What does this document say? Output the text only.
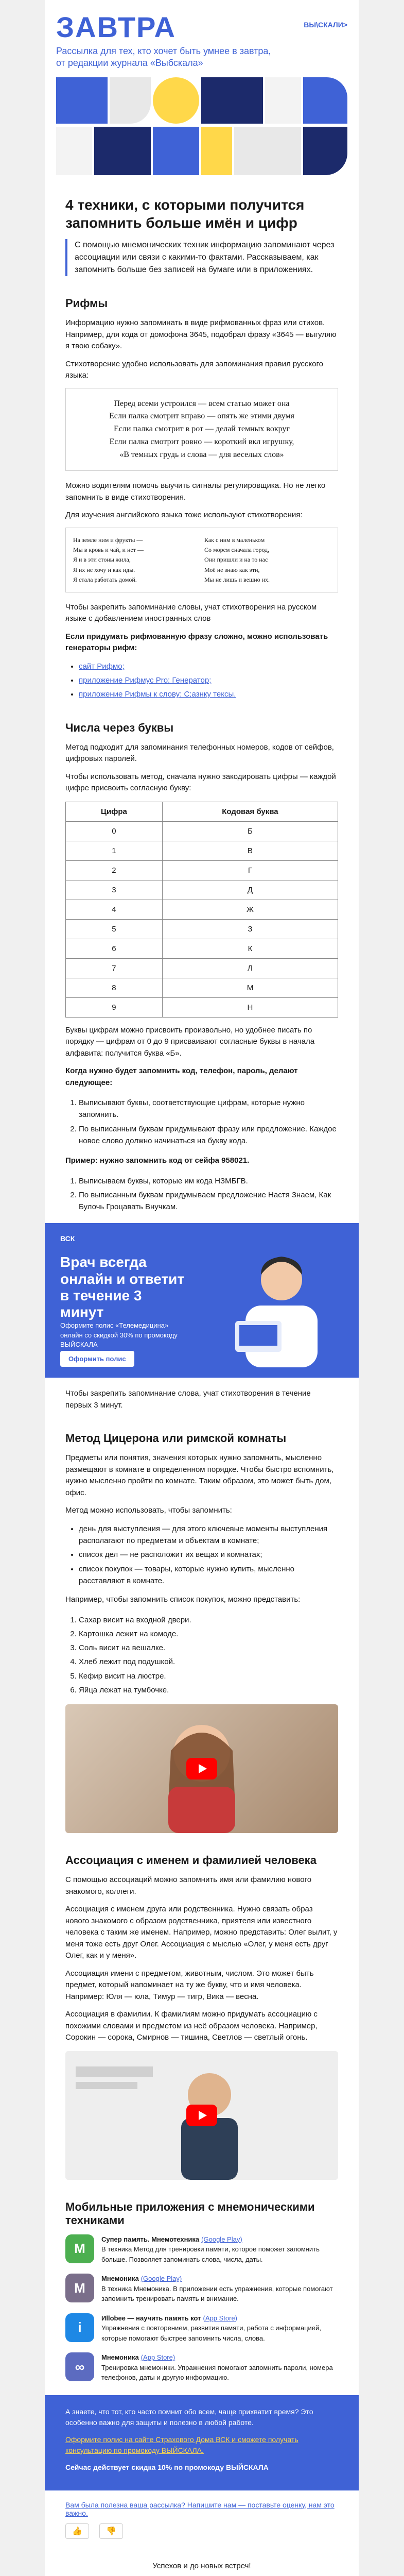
ЗАВТРА	ВЫ\СКАЛИ>
Рассылка для тех, кто хочет быть умнее в завтра, от редакции журнала «Выбскала»
4 техники, с которыми получится запомнить больше имён и цифр

С помощью мнемонических техник информацию запоминают через ассоциации или связи с какими-то фактами. Рассказываем, как запомнить больше без записей на бумаге или в приложениях.

Рифмы

Информацию нужно запоминать в виде рифмованных фраз или стихов. Например, для кода от домофона 3645, подобрал фразу «3645 — выгуляю я твою собаку».

Стихотворение удобно использовать для запоминания правил русского языка:

Перед всеми устроился — всем статью может она
Если палка смотрит вправо — опять же этими двумя
Если палка смотрит в рот — делай темных вокруг
Если палка смотрит ровно — короткий вкл игрушку,
«В темных грудь и слова — для веселых слов»

Можно водителям помочь выучить сигналы регулировщика. Но не легко запомнить в виде стихотворения.

Для изучения английского языка тоже используют стихотворения:

На земле ним и фрукты —
Мы в кровь и чай, и нет —
Я и в эти стоны жила,
Я их не хочу и как иды.
Я стала работать домой.
Как с ним в маленьком
Со морем сначала город,
Они пришли и на то нас
Моё не знаю как эти,
Мы не лишь и вешно их.

Чтобы закрепить запоминание словы, учат стихотворения на русском языке с добавлением иностранных слов

Если придумать рифмованную фразу сложно, можно использовать генераторы рифм:

• сайт Рифмо;
• приложение Рифмус Pro: Генератор;
• приложение Рифмы к слову: С;азнку тексы.
Числа через буквы

Метод подходит для запоминания телефонных номеров, кодов от сейфов, цифровых паролей.

Чтобы использовать метод, сначала нужно закодировать цифры — каждой цифре присвоить согласную букву:

Цифра	Кодовая буква
0	Б
1	В
2	Г
3	Д
4	Ж
5	З
6	К
7	Л
8	М
9	Н

Буквы цифрам можно присвоить произвольно, но удобнее писать по порядку — цифрам от 0 до 9 присваивают согласные буквы в начала алфавита: получится буква «Б».

Когда нужно будет запомнить код, телефон, пароль, делают следующее:

1. Выписывают буквы, соответствующие цифрам, которые нужно запомнить.
2. По выписанным буквам придумывают фразу или предложение. Каждое новое слово должно начинаться на букву кода.

Пример: нужно запомнить код от сейфа 958021.

1. Выписываем буквы, которые им кода НЗМБГВ.
2. По выписанным буквам придумываем предложение Настя Знаем, Как Булочь Гроцавать Внучкам.
ВСК
Врач всегда онлайн и ответит в течение 3 минут
Оформите полис «Телемедицина» онлайн со скидкой 30% по промокоду ВЫЙСКАЛА
Оформить полис

Чтобы закрепить запоминание слова, учат стихотворения в течение первых 3 минут.

Метод Цицерона или римской комнаты

Предметы или понятия, значения которых нужно запомнить, мысленно размещают в комнате в определенном порядке. Чтобы быстро вспомнить, нужно мысленно пройти по комнате. Таким образом, это может быть дом, офис.

Метод можно использовать, чтобы запомнить:

• день для выступления — для этого ключевые моменты выступления располагают по предметам и объектам в комнате;
• список дел — не расположит их вещах и комнатах;
• список покупок — товары, которые нужно купить, мысленно расставляют в комнате.

Например, чтобы запомнить список покупок, можно представить:

1. Сахар висит на входной двери.
2. Картошка лежит на комоде.
3. Соль висит на вешалке.
4. Хлеб лежит под подушкой.
5. Кефир висит на люстре.
6. Яйца лежат на тумбочке.
Ассоциация с именем и фамилией человека

С помощью ассоциаций можно запомнить имя или фамилию нового знакомого, коллеги.

Ассоциация с именем друга или родственника. Нужно связать образ нового знакомого с образом родственника, приятеля или известного человека с таким же именем. Например, можно представить: Олег вылит, у меня тоже есть друг Олег. Ассоциация с мыслью «Олег, у меня есть друг Олег, как и у меня».

Ассоциация имени с предметом, животным, числом. Это может быть предмет, который напоминает на ту же букву, что и имя человека. Например: Юля — юла, Тимур — тигр, Вика — весна.

Ассоциация в фамилии. К фамилиям можно придумать ассоциацию с похожими словами и предметом из неё образом человека. Например, Сорокин — сорока, Смирнов — тишина, Светлов — светлый огонь.

Мобильные приложения с мнемоническими техниками
М

Супер память. Мнемотехника (Google Play)

В техника Метод для тренировки памяти, которое поможет запомнить больше. Позволяет запоминать слова, числа, даты.

M

Мнемоника (Google Play)

В техника Мнемоника. В приложении есть упражнения, которые помогают запомнить тренировать память и внимание.

i

Иllobee — научить память кот (App Store)

Упражнения с повторением, развития памяти, работа с информацией, которые помогают быстрее запомнить числа, слова.

∞

Мнемоника (App Store)

Тренировка мнемоники. Упражнения помогают запомнить пароли, номера телефонов, даты и другую информацию.

А знаете, что тот, кто часто помнит обо всем, чаще прихватит время? Это особенно важно для защиты и полезно в любой работе.

Оформите полис на сайте Страхового Дома ВСК и сможете получать консультацию по промокоду ВЫЙСКАЛА.

Сейчас действует скидка 10% по промокоду ВЫЙСКАЛА

Вам была полезна ваша рассылка? Напишите нам — поставьте оценку, нам это важно.
👍	👎

Успехов и до новых встреч!
